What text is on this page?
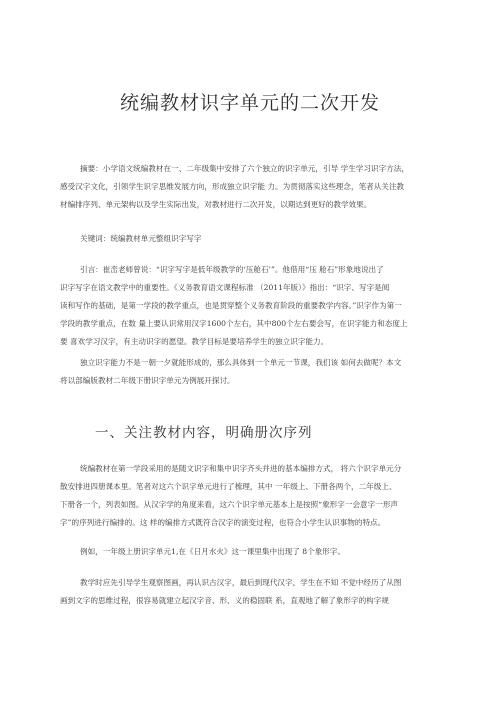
统编教材识字单元的二次开发
摘要：小学语文统编教材在一、二年级集中安排了六个独立的识字单元，引导 学生学习识字方法，
感受汉字文化，引领学生识字思维发展方向，形成独立识字能 力。为贯彻落实这些理念，笔者从关注教
材编排序列、单元架构以及学生实际出发，对教材进行二次开发，以期达到更好的教学效果。
关键词：统编教材单元整组识字写字
引言：崔峦老师曾说：“识字写字是低年级教学的‘压舱石’”。他借用“压 舱石”形象地说出了
识字写字在语文教学中的重要性。《义务教育语文课程标准 （2011年版）》指出：“识字、写字是阅
读和写作的基础，是第一学段的教学重点，也是贯穿整个义务教育阶段的重要教学内容。”识字作为第一
学段的教学重点，在数 量上要认识常用汉字1600个左右，其中800个左右要会写，在识字能力和态度上
要 喜欢学习汉字，有主动识字的愿望。教学目标是要培养学生的独立识字能力。
独立识字能力不是一朝一夕就能形成的，那么具体到一个单元一节课，我们该 如何去做呢？本文
将以部编版教材二年级下册识字单元为例展开探讨。
一、关注教材内容，明确册次序列
统编教材在第一学段采用的是随文识字和集中识字齐头并进的基本编排方式， 将六个识字单元分
散安排进四册课本里。笔者对这六个识字单元进行了梳理，其中 一年级上、下册各两个，二年级上、
下册各一个，列表如图。从汉字学的角度来看，这六个识字单元基本上是按照“象形字一会意字一形声
字”的序列进行编排的。这 样的编排方式既符合汉字的演变过程，也符合小学生认识事物的特点。
例如，一年级上册识字单元1,在《日月水火》这一课里集中出现了 8个象形字。
教学时应先引导学生观察图画，再认识古汉字，最后到现代汉字，学生在不知 不觉中经历了从图
画到文字的思维过程，很容易就建立起汉字音、形、义的稳固联 系，直观地了解了象形字的构字规
